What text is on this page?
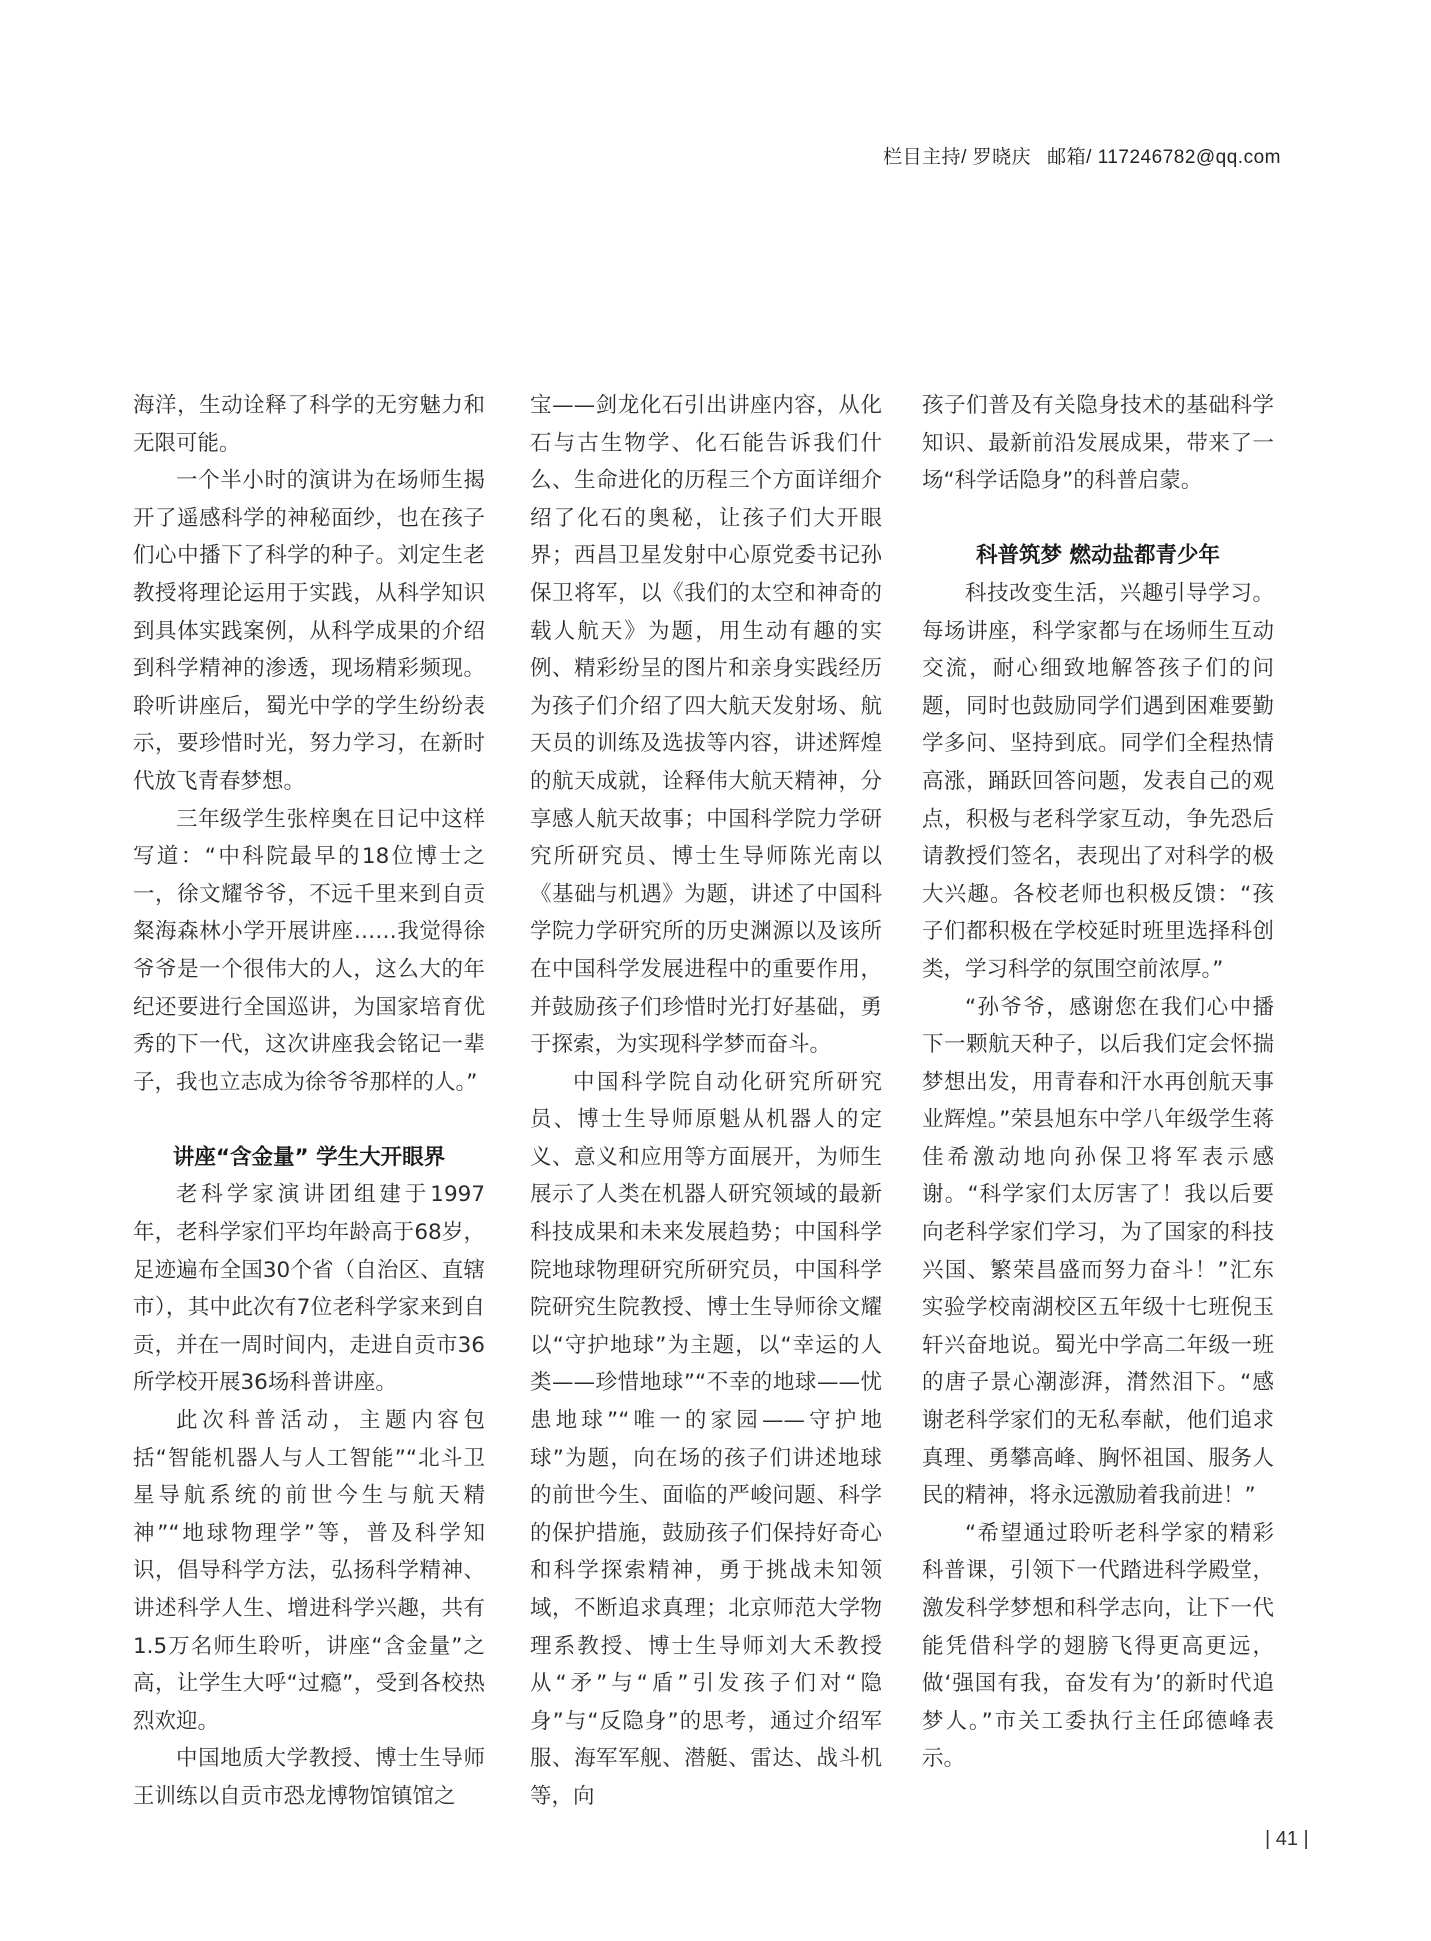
栏目主持/ 罗晓庆 邮箱/ 117246782@qq.com

海洋，生动诠释了科学的无穷魅力和无限可能。

一个半小时的演讲为在场师生揭开了遥感科学的神秘面纱，也在孩子们心中播下了科学的种子。刘定生老教授将理论运用于实践，从科学知识到具体实践案例，从科学成果的介绍到科学精神的渗透，现场精彩频现。聆听讲座后，蜀光中学的学生纷纷表示，要珍惜时光，努力学习，在新时代放飞青春梦想。

三年级学生张梓奥在日记中这样写道：“中科院最早的18位博士之一，徐文耀爷爷，不远千里来到自贡粲海森林小学开展讲座……我觉得徐爷爷是一个很伟大的人，这么大的年纪还要进行全国巡讲，为国家培育优秀的下一代，这次讲座我会铭记一辈子，我也立志成为徐爷爷那样的人。”

讲座“含金量” 学生大开眼界

老科学家演讲团组建于1997年，老科学家们平均年龄高于68岁，足迹遍布全国30个省（自治区、直辖市），其中此次有7位老科学家来到自贡，并在一周时间内，走进自贡市36所学校开展36场科普讲座。

此次科普活动，主题内容包括“智能机器人与人工智能”“北斗卫星导航系统的前世今生与航天精神”“地球物理学”等，普及科学知识，倡导科学方法，弘扬科学精神、讲述科学人生、增进科学兴趣，共有1.5万名师生聆听，讲座“含金量”之高，让学生大呼“过瘾”，受到各校热烈欢迎。

中国地质大学教授、博士生导师王训练以自贡市恐龙博物馆镇馆之

宝——剑龙化石引出讲座内容，从化石与古生物学、化石能告诉我们什么、生命进化的历程三个方面详细介绍了化石的奥秘，让孩子们大开眼界；西昌卫星发射中心原党委书记孙保卫将军，以《我们的太空和神奇的载人航天》为题，用生动有趣的实例、精彩纷呈的图片和亲身实践经历为孩子们介绍了四大航天发射场、航天员的训练及选拔等内容，讲述辉煌的航天成就，诠释伟大航天精神，分享感人航天故事；中国科学院力学研究所研究员、博士生导师陈光南以《基础与机遇》为题，讲述了中国科学院力学研究所的历史渊源以及该所在中国科学发展进程中的重要作用，并鼓励孩子们珍惜时光打好基础，勇于探索，为实现科学梦而奋斗。

中国科学院自动化研究所研究员、博士生导师原魁从机器人的定义、意义和应用等方面展开，为师生展示了人类在机器人研究领域的最新科技成果和未来发展趋势；中国科学院地球物理研究所研究员，中国科学院研究生院教授、博士生导师徐文耀以“守护地球”为主题，以“幸运的人类——珍惜地球”“不幸的地球——忧患地球”“唯一的家园——守护地球”为题，向在场的孩子们讲述地球的前世今生、面临的严峻问题、科学的保护措施，鼓励孩子们保持好奇心和科学探索精神，勇于挑战未知领域，不断追求真理；北京师范大学物理系教授、博士生导师刘大禾教授从“矛”与“盾”引发孩子们对“隐身”与“反隐身”的思考，通过介绍军服、海军军舰、潜艇、雷达、战斗机等，向

孩子们普及有关隐身技术的基础科学知识、最新前沿发展成果，带来了一场“科学话隐身”的科普启蒙。

科普筑梦 燃动盐都青少年

科技改变生活，兴趣引导学习。每场讲座，科学家都与在场师生互动交流，耐心细致地解答孩子们的问题，同时也鼓励同学们遇到困难要勤学多问、坚持到底。同学们全程热情高涨，踊跃回答问题，发表自己的观点，积极与老科学家互动，争先恐后请教授们签名，表现出了对科学的极大兴趣。各校老师也积极反馈：“孩子们都积极在学校延时班里选择科创类，学习科学的氛围空前浓厚。”

“孙爷爷，感谢您在我们心中播下一颗航天种子，以后我们定会怀揣梦想出发，用青春和汗水再创航天事业辉煌。”荣县旭东中学八年级学生蒋佳希激动地向孙保卫将军表示感谢。“科学家们太厉害了！我以后要向老科学家们学习，为了国家的科技兴国、繁荣昌盛而努力奋斗！”汇东实验学校南湖校区五年级十七班倪玉轩兴奋地说。蜀光中学高二年级一班的唐子景心潮澎湃，潸然泪下。“感谢老科学家们的无私奉献，他们追求真理、勇攀高峰、胸怀祖国、服务人民的精神，将永远激励着我前进！”

“希望通过聆听老科学家的精彩科普课，引领下一代踏进科学殿堂，激发科学梦想和科学志向，让下一代能凭借科学的翅膀飞得更高更远，做‘强国有我，奋发有为’的新时代追梦人。”市关工委执行主任邱德峰表示。

| 41 |
